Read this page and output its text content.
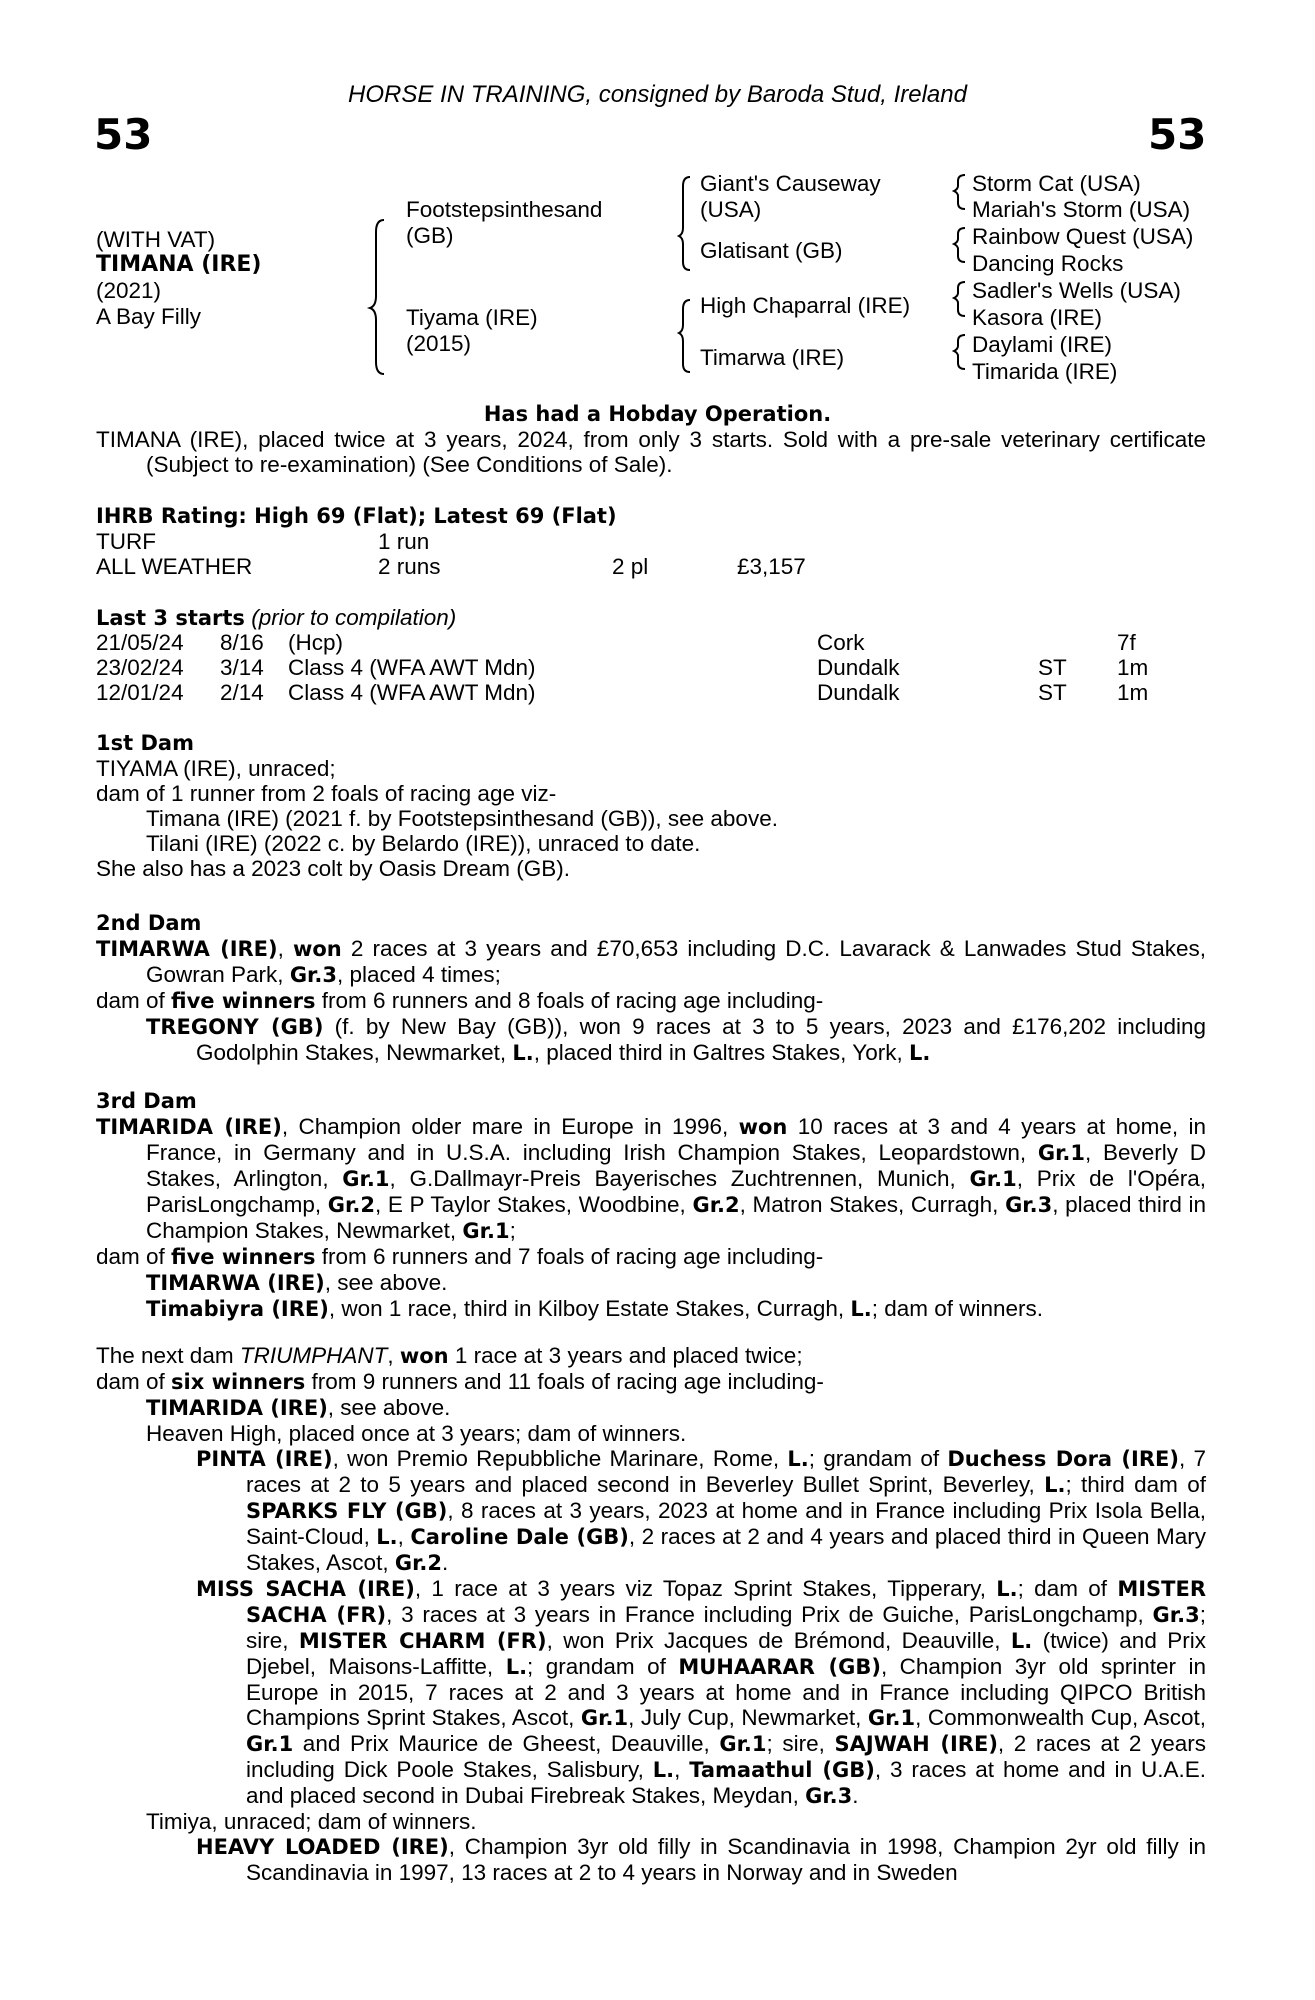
HORSE IN TRAINING, consigned by Baroda Stud, Ireland
53	53
(WITH VAT)
TIMANA (IRE)
(2021)
A Bay Filly
Footstepsinthesand
(GB)
Tiyama (IRE)
(2015)
Giant's Causeway
(USA)
Glatisant (GB)
High Chaparral (IRE)
Timarwa (IRE)
Storm Cat (USA)
Mariah's Storm (USA)
Rainbow Quest (USA)
Dancing Rocks
Sadler's Wells (USA)
Kasora (IRE)
Daylami (IRE)
Timarida (IRE)
Has had a Hobday Operation.
TIMANA (IRE), placed twice at 3 years, 2024, from only 3 starts. Sold with a pre-sale veterinary certificate (Subject to re-examination) (See Conditions of Sale).
IHRB Rating: High 69 (Flat); Latest 69 (Flat)
TURF	1 run
ALL WEATHER	2 runs	2 pl	£3,157
Last 3 starts (prior to compilation)
21/05/24 8/16 (Hcp)	Cork	7f
23/02/24 3/14 Class 4 (WFA AWT Mdn)	Dundalk	ST 1m
12/01/24 2/14 Class 4 (WFA AWT Mdn)	Dundalk	ST 1m
1st Dam
TIYAMA (IRE), unraced;
dam of 1 runner from 2 foals of racing age viz-
Timana (IRE) (2021 f. by Footstepsinthesand (GB)), see above.
Tilani (IRE) (2022 c. by Belardo (IRE)), unraced to date.
She also has a 2023 colt by Oasis Dream (GB).
2nd Dam
TIMARWA (IRE), won 2 races at 3 years and £70,653 including D.C. Lavarack & Lanwades Stud Stakes, Gowran Park, Gr.3, placed 4 times;
dam of five winners from 6 runners and 8 foals of racing age including-
TREGONY (GB) (f. by New Bay (GB)), won 9 races at 3 to 5 years, 2023 and £176,202 including Godolphin Stakes, Newmarket, L., placed third in Galtres Stakes, York, L.
3rd Dam
TIMARIDA (IRE), Champion older mare in Europe in 1996, won 10 races at 3 and 4 years at home, in France, in Germany and in U.S.A. including Irish Champion Stakes, Leopardstown, Gr.1, Beverly D Stakes, Arlington, Gr.1, G.Dallmayr-Preis Bayerisches Zuchtrennen, Munich, Gr.1, Prix de l'Opéra, ParisLongchamp, Gr.2, E P Taylor Stakes, Woodbine, Gr.2, Matron Stakes, Curragh, Gr.3, placed third in Champion Stakes, Newmarket, Gr.1;
dam of five winners from 6 runners and 7 foals of racing age including-
TIMARWA (IRE), see above.
Timabiyra (IRE), won 1 race, third in Kilboy Estate Stakes, Curragh, L.; dam of winners.
The next dam TRIUMPHANT, won 1 race at 3 years and placed twice;
dam of six winners from 9 runners and 11 foals of racing age including-
TIMARIDA (IRE), see above.
Heaven High, placed once at 3 years; dam of winners.
PINTA (IRE), won Premio Repubbliche Marinare, Rome, L.; grandam of Duchess Dora (IRE), 7 races at 2 to 5 years and placed second in Beverley Bullet Sprint, Beverley, L.; third dam of SPARKS FLY (GB), 8 races at 3 years, 2023 at home and in France including Prix Isola Bella, Saint-Cloud, L., Caroline Dale (GB), 2 races at 2 and 4 years and placed third in Queen Mary Stakes, Ascot, Gr.2.
MISS SACHA (IRE), 1 race at 3 years viz Topaz Sprint Stakes, Tipperary, L.; dam of MISTER SACHA (FR), 3 races at 3 years in France including Prix de Guiche, ParisLongchamp, Gr.3; sire, MISTER CHARM (FR), won Prix Jacques de Brémond, Deauville, L. (twice) and Prix Djebel, Maisons-Laffitte, L.; grandam of MUHAARAR (GB), Champion 3yr old sprinter in Europe in 2015, 7 races at 2 and 3 years at home and in France including QIPCO British Champions Sprint Stakes, Ascot, Gr.1, July Cup, Newmarket, Gr.1, Commonwealth Cup, Ascot, Gr.1 and Prix Maurice de Gheest, Deauville, Gr.1; sire, SAJWAH (IRE), 2 races at 2 years including Dick Poole Stakes, Salisbury, L., Tamaathul (GB), 3 races at home and in U.A.E. and placed second in Dubai Firebreak Stakes, Meydan, Gr.3.
Timiya, unraced; dam of winners.
HEAVY LOADED (IRE), Champion 3yr old filly in Scandinavia in 1998, Champion 2yr old filly in Scandinavia in 1997, 13 races at 2 to 4 years in Norway and in Sweden
